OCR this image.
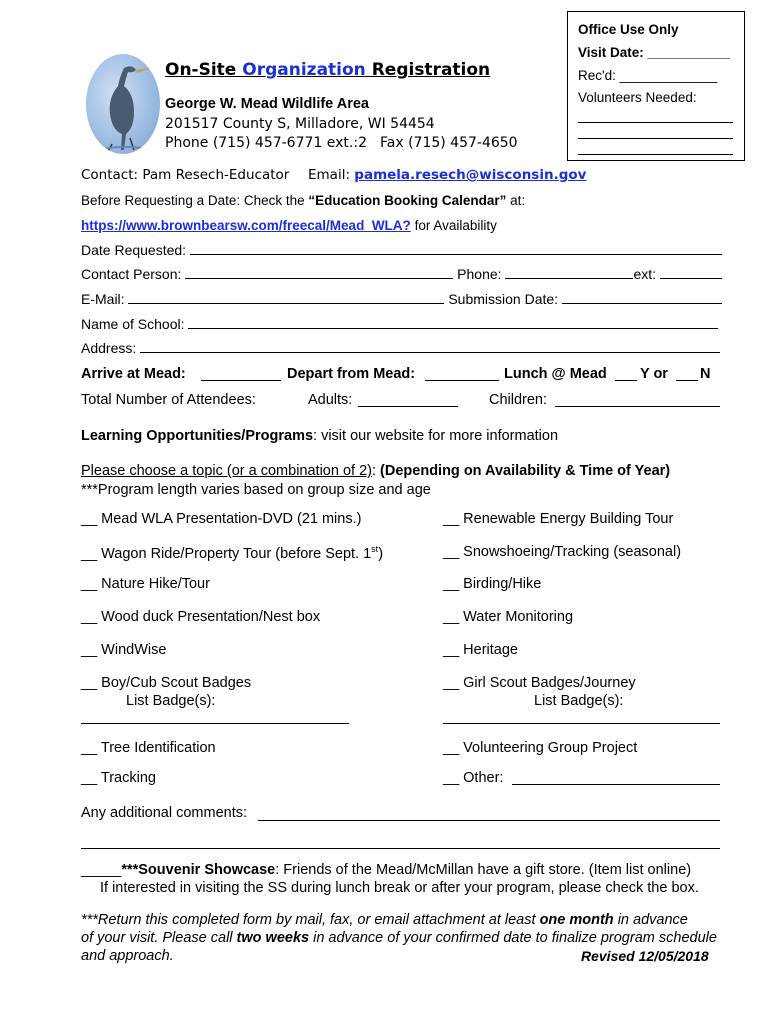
Office Use Only
Visit Date: ___________
Rec'd: _____________
Volunteers Needed:
On-Site Organization Registration
George W. Mead Wildlife Area
201517 County S, Milladore, WI 54454
Phone (715) 457-6771 ext.:2 Fax (715) 457-4650
Contact: Pam Resech-Educator Email: pamela.resech@wisconsin.gov
Before Requesting a Date: Check the “Education Booking Calendar” at:
https://www.brownbearsw.com/freecal/Mead_WLA? for Availability
Date Requested:
Contact Person:	Phone:	ext:
E-Mail:	Submission Date:
Name of School:
Address:
Arrive at Mead:	Depart from Mead:	Lunch @ Mead Y or N
Total Number of Attendees:	Adults:	Children:
Learning Opportunities/Programs: visit our website for more information
Please choose a topic (or a combination of 2): (Depending on Availability & Time of Year)
***Program length varies based on group size and age
__ Mead WLA Presentation-DVD (21 mins.)
__ Wagon Ride/Property Tour (before Sept. 1st)
__ Nature Hike/Tour
__ Wood duck Presentation/Nest box
__ WindWise
__ Boy/Cub Scout Badges
List Badge(s):
__ Tree Identification
__ Tracking
__ Renewable Energy Building Tour
__ Snowshoeing/Tracking (seasonal)
__ Birding/Hike
__ Water Monitoring
__ Heritage
__ Girl Scout Badges/Journey
List Badge(s):
__ Volunteering Group Project
__ Other:
Any additional comments:
_____***Souvenir Showcase: Friends of the Mead/McMillan have a gift store. (Item list online)
If interested in visiting the SS during lunch break or after your program, please check the box.
***Return this completed form by mail, fax, or email attachment at least one month in advance
of your visit. Please call two weeks in advance of your confirmed date to finalize program schedule
and approach.	Revised 12/05/2018
